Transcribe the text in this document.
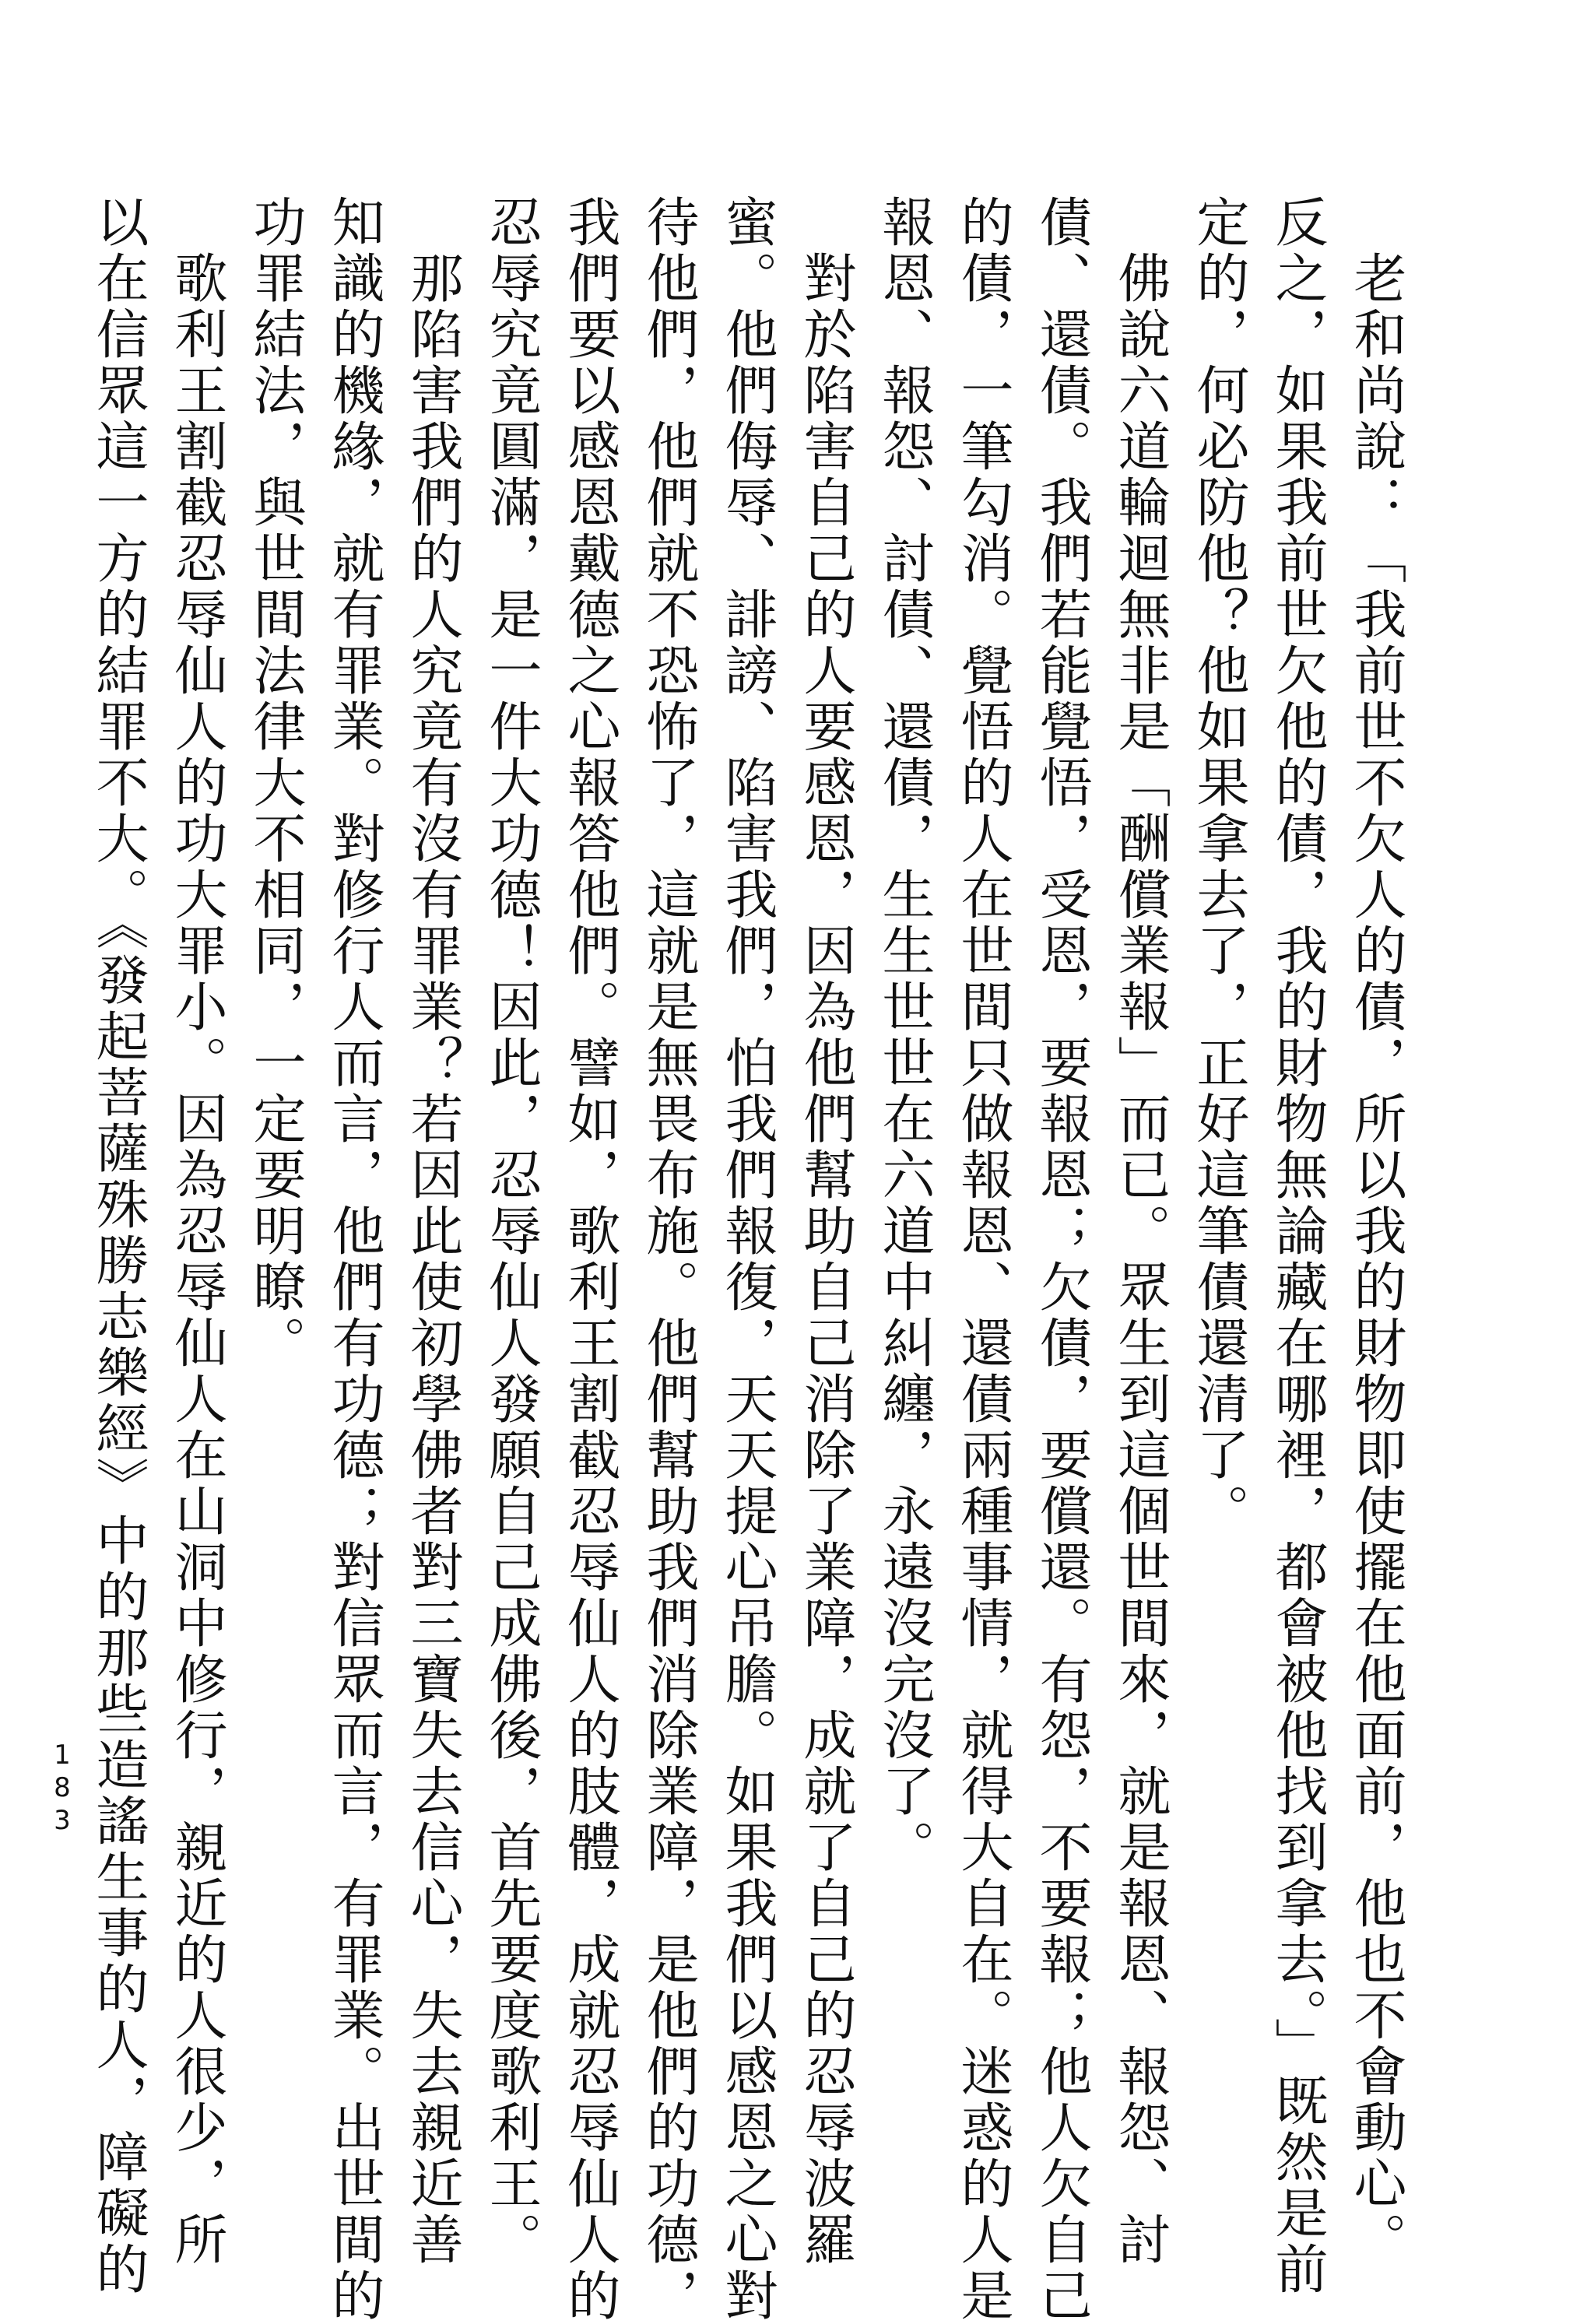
　老和尚說：「我前世不欠人的債，所以我的財物即使擺在他面前，他也不會動心。
反之，如果我前世欠他的債，我的財物無論藏在哪裡，都會被他找到拿去。」既然是前
定的，何必防他？他如果拿去了，正好這筆債還清了。
　佛說六道輪迴無非是「酬償業報」而已。眾生到這個世間來，就是報恩、報怨、討
債、還債。我們若能覺悟，受恩，要報恩；欠債，要償還。有怨，不要報；他人欠自己
的債，一筆勾消。覺悟的人在世間只做報恩、還債兩種事情，就得大自在。迷惑的人是
報恩、報怨、討債、還債，生生世世在六道中糾纏，永遠沒完沒了。
　對於陷害自己的人要感恩，因為他們幫助自己消除了業障，成就了自己的忍辱波羅
蜜。他們侮辱、誹謗、陷害我們，怕我們報復，天天提心吊膽。如果我們以感恩之心對
待他們，他們就不恐怖了，這就是無畏布施。他們幫助我們消除業障，是他們的功德，
我們要以感恩戴德之心報答他們。譬如，歌利王割截忍辱仙人的肢體，成就忍辱仙人的
忍辱究竟圓滿，是一件大功德！因此，忍辱仙人發願自己成佛後，首先要度歌利王。
　那陷害我們的人究竟有沒有罪業？若因此使初學佛者對三寶失去信心，失去親近善
知識的機緣，就有罪業。對修行人而言，他們有功德；對信眾而言，有罪業。出世間的
功罪結法，與世間法律大不相同，一定要明瞭。
　歌利王割截忍辱仙人的功大罪小。因為忍辱仙人在山洞中修行，親近的人很少，所
以在信眾這一方的結罪不大。《發起菩薩殊勝志樂經》中的那些造謠生事的人，障礙的
183
